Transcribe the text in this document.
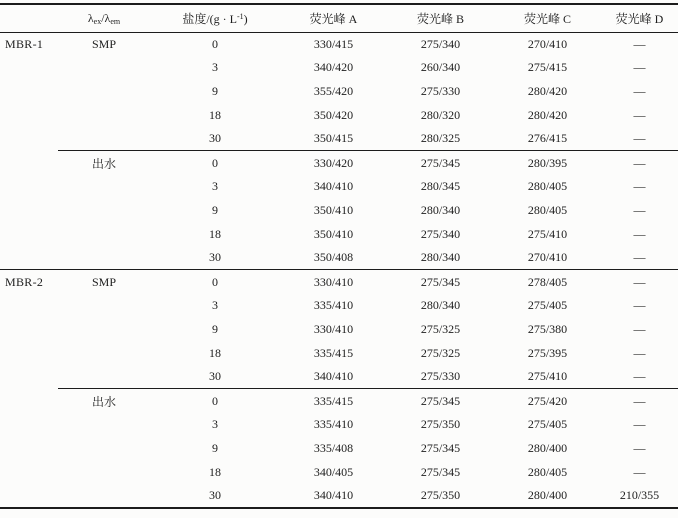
	$\lambda_{ex}/\lambda_{em}$	盐度$/(g \cdot L^{-1})$	荧光峰 A	荧光峰 B	荧光峰 C	荧光峰 D
MBR-1	SMP	0	330/415	275/340	270/410	—
		3	340/420	260/340	275/415	—
		9	355/420	275/330	280/420	—
		18	350/420	280/320	280/420	—
		30	350/415	280/325	276/415	—
	出水	0	330/420	275/345	280/395	—
		3	340/410	280/345	280/405	—
		9	350/410	280/340	280/405	—
		18	350/410	275/340	275/410	—
		30	350/408	280/340	270/410	—
MBR-2	SMP	0	330/410	275/345	278/405	—
		3	335/410	280/340	275/405	—
		9	330/410	275/325	275/380	—
		18	335/415	275/325	275/395	—
		30	340/410	275/330	275/410	—
	出水	0	335/415	275/345	275/420	—
		3	335/410	275/350	275/405	—
		9	335/408	275/345	280/400	—
		18	340/405	275/345	280/405	—
		30	340/410	275/350	280/400	210/355
